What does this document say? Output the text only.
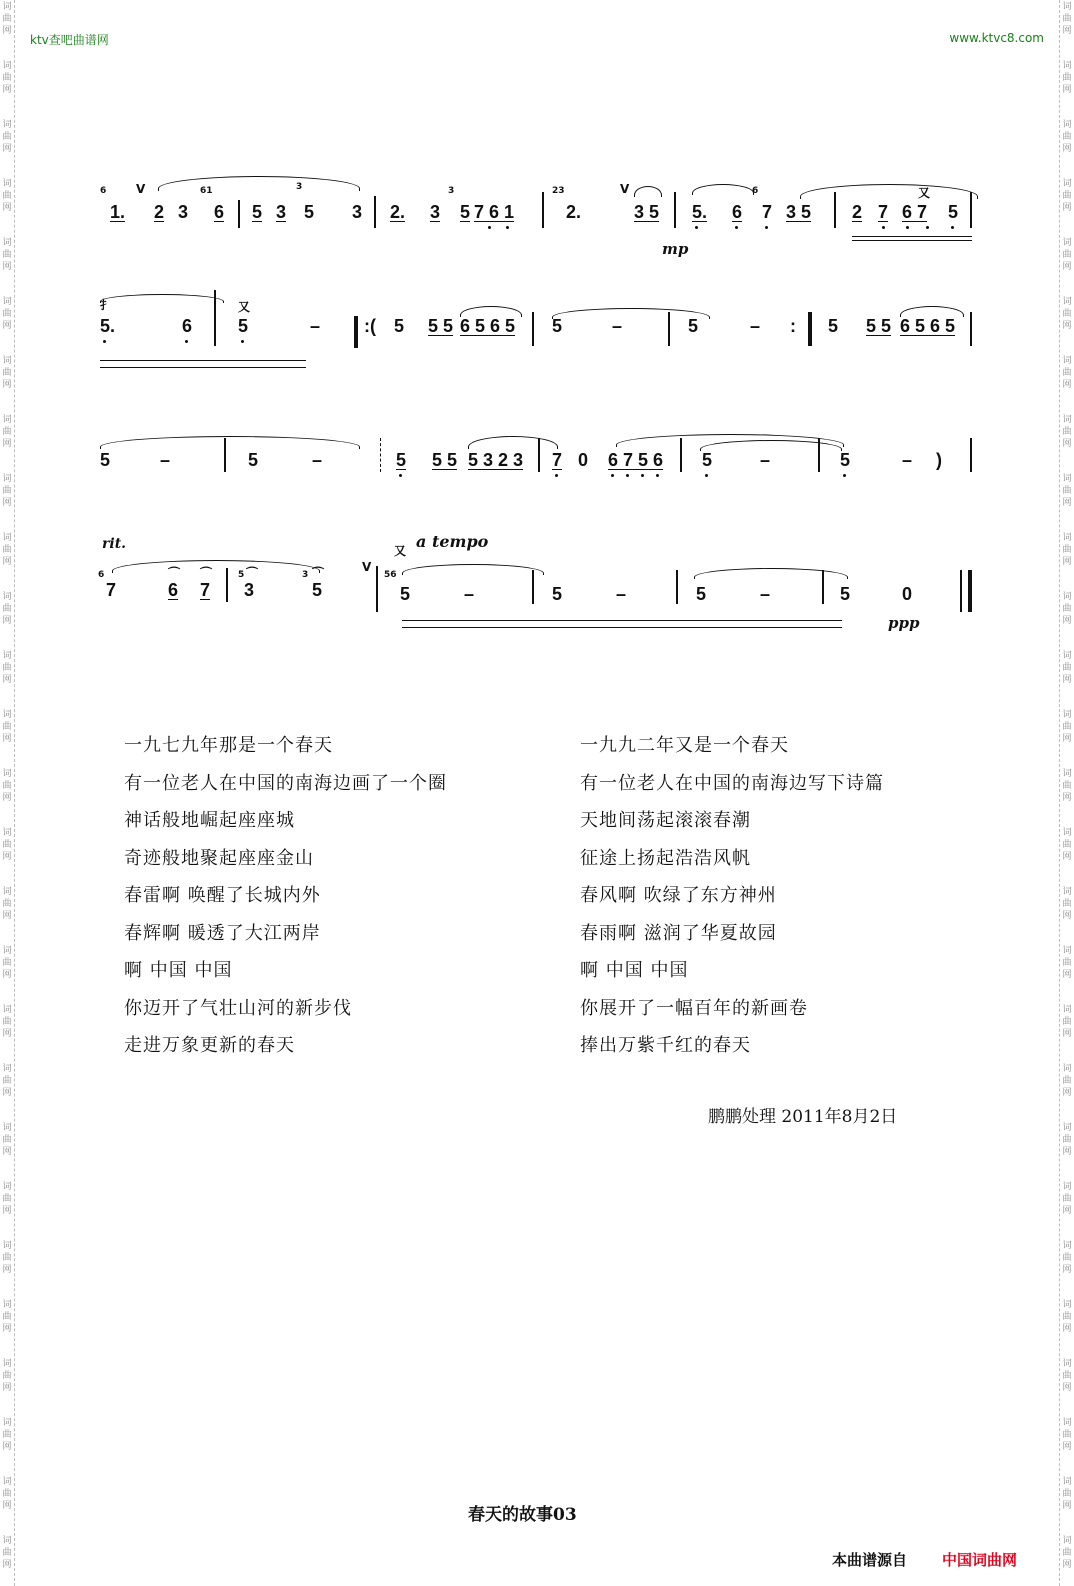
词
曲
网
词
曲
网
词
曲
网
词
曲
网
词
曲
网
词
曲
网
词
曲
网
词
曲
网
词
曲
网
词
曲
网
词
曲
网
词
曲
网
词
曲
网
词
曲
网
词
曲
网
词
曲
网
词
曲
网
词
曲
网
词
曲
网
词
曲
网
词
曲
网
词
曲
网
词
曲
网
词
曲
网
词
曲
网
词
曲
网
词
曲
网
词
曲
网
词
曲
网
词
曲
网
词
曲
网
词
曲
网
词
曲
网
词
曲
网
词
曲
网
词
曲
网
词
曲
网
词
曲
网
词
曲
网
词
曲
网
词
曲
网
词
曲
网
词
曲
网
词
曲
网
词
曲
网
词
曲
网
词
曲
网
词
曲
网
词
曲
网
词
曲
网
词
曲
网
词
曲
网
词
曲
网
词
曲
网
ktv查吧曲谱网	www.ktvc8.com
6
1.
V
2 3
61
6 5 3
3
5 3 2. 3
3
5 7 6 1
23
2.
V
3 5
mp
5. 6
6
7 3 5 2 7 6 7
又
5
扌
5.	6
又
5	– :( 5 5 5 6 5 6 5 5	–	5	– : 5 5 5 6 5 6 5
5	–	5	–	5 5 5 5 3 2 3 7 0 6 7 5 6 5	–	5	– )
rit.
6
7	6
⌒
7
⌒	5
3
⌒	3
5
⌒	V
又 a tempo
56
5	–	5	–	5	–	5	0
ppp
一九七九年那是一个春天
有一位老人在中国的南海边画了一个圈
神话般地崛起座座城
奇迹般地聚起座座金山
春雷啊 唤醒了长城内外
春辉啊 暖透了大江两岸
啊 中国 中国
你迈开了气壮山河的新步伐
走进万象更新的春天
一九九二年又是一个春天
有一位老人在中国的南海边写下诗篇
天地间荡起滚滚春潮
征途上扬起浩浩风帆
春风啊 吹绿了东方神州
春雨啊 滋润了华夏故园
啊 中国 中国
你展开了一幅百年的新画卷
捧出万紫千红的春天
鹏鹏处理 2011年8月2日
春天的故事03
本曲谱源自 中国词曲网
